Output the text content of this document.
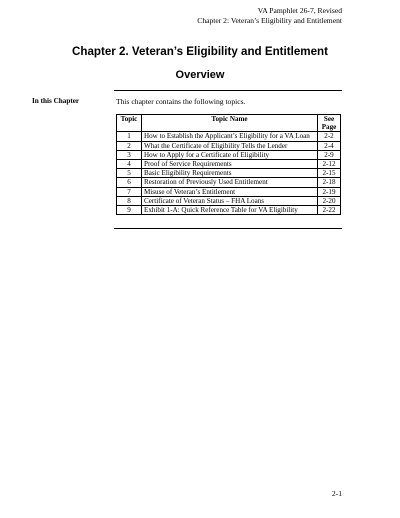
VA Pamphlet 26-7, Revised
Chapter 2: Veteran’s Eligibility and Entitlement
Chapter 2. Veteran’s Eligibility and Entitlement
Overview
In this Chapter	This chapter contains the following topics.
Topic	Topic Name	See
Page
1	How to Establish the Applicant’s Eligibility for a VA Loan	2-2
2	What the Certificate of Eligibility Tells the Lender	2-4
3	How to Apply for a Certificate of Eligibility	2-9
4	Proof of Service Requirements	2-12
5	Basic Eligibility Requirements	2-15
6	Restoration of Previously Used Entitlement	2-18
7	Misuse of Veteran’s Entitlement	2-19
8	Certificate of Veteran Status – FHA Loans	2-20
9	Exhibit 1-A: Quick Reference Table for VA Eligibility	2-22
2-1
